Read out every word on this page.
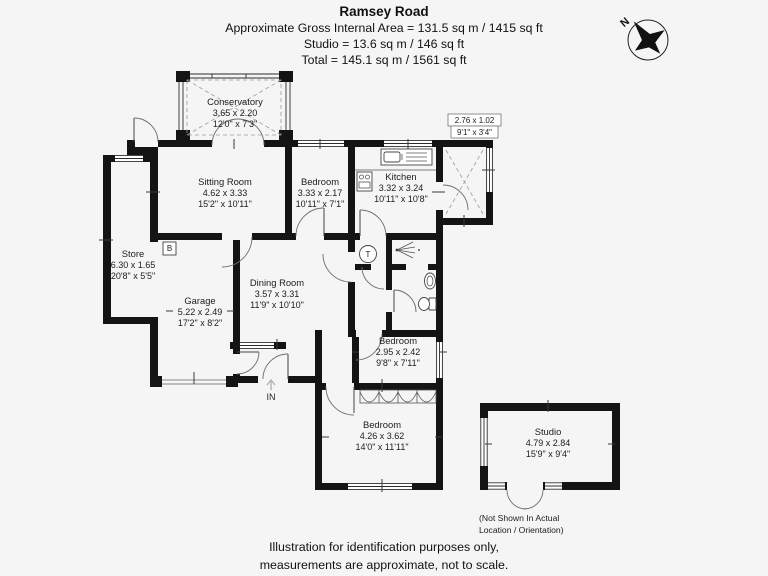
Ramsey Road
Approximate Gross Internal Area = 131.5 sq m / 1415 sq ft
Studio = 13.6 sq m / 146 sq ft
Total = 145.1 sq m / 1561 sq ft
N
T
B
IN
2.76 x 1.02
9'1" x 3'4"
Conservatory
3.65 x 2.20
12'0" x 7'3"
Sitting Room
4.62 x 3.33
15'2" x 10'11"
Bedroom
3.33 x 2.17
10'11" x 7'1"
Kitchen
3.32 x 3.24
10'11" x 10'8"
Store
6.30 x 1.65
20'8" x 5'5"
Garage
5.22 x 2.49
17'2" x 8'2"
Dining Room
3.57 x 3.31
11'9" x 10'10"
Bedroom
2.95 x 2.42
9'8" x 7'11"
Bedroom
4.26 x 3.62
14'0" x 11'11"
Studio
4.79 x 2.84
15'9" x 9'4"
(Not Shown In Actual
Location / Orientation)
Illustration for identification purposes only,
measurements are approximate, not to scale.
